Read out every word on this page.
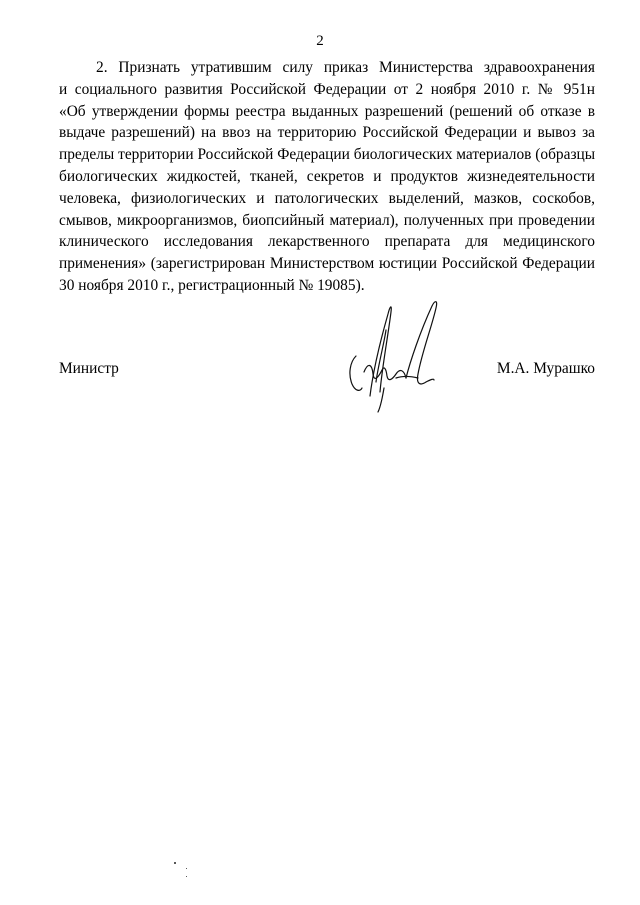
2
2. Признать утратившим силу приказ Министерства здравоохранения
и социального развития Российской Федерации от 2 ноября 2010 г. № 951н
«Об утверждении формы реестра выданных разрешений (решений об отказе в
выдаче разрешений) на ввоз на территорию Российской Федерации и вывоз за
пределы территории Российской Федерации биологических материалов (образцы
биологических жидкостей, тканей, секретов и продуктов жизнедеятельности
человека, физиологических и патологических выделений, мазков, соскобов,
смывов, микроорганизмов, биопсийный материал), полученных при проведении
клинического исследования лекарственного препарата для медицинского
применения» (зарегистрирован Министерством юстиции Российской Федерации
30 ноября 2010 г., регистрационный № 19085).
Министр	М.А. Мурашко
